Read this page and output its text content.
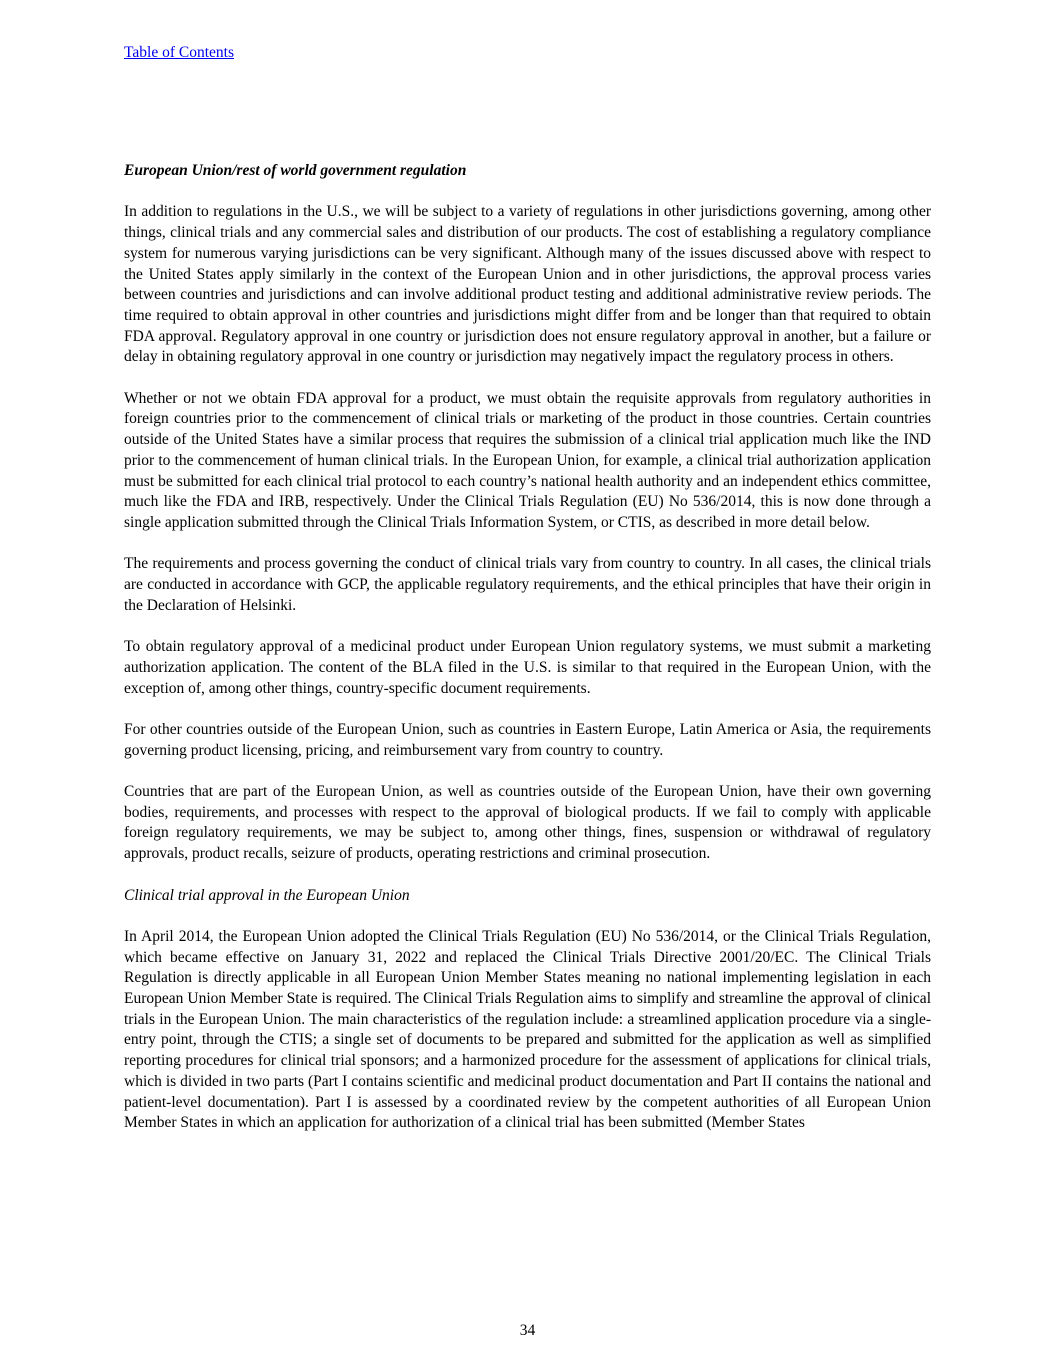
Table of Contents

European Union/rest of world government regulation

In addition to regulations in the U.S., we will be subject to a variety of regulations in other jurisdictions governing, among other things, clinical trials and any commercial sales and distribution of our products. The cost of establishing a regulatory compliance system for numerous varying jurisdictions can be very significant. Although many of the issues discussed above with respect to the United States apply similarly in the context of the European Union and in other jurisdictions, the approval process varies between countries and jurisdictions and can involve additional product testing and additional administrative review periods. The time required to obtain approval in other countries and jurisdictions might differ from and be longer than that required to obtain FDA approval. Regulatory approval in one country or jurisdiction does not ensure regulatory approval in another, but a failure or delay in obtaining regulatory approval in one country or jurisdiction may negatively impact the regulatory process in others.

Whether or not we obtain FDA approval for a product, we must obtain the requisite approvals from regulatory authorities in foreign countries prior to the commencement of clinical trials or marketing of the product in those countries. Certain countries outside of the United States have a similar process that requires the submission of a clinical trial application much like the IND prior to the commencement of human clinical trials. In the European Union, for example, a clinical trial authorization application must be submitted for each clinical trial protocol to each country’s national health authority and an independent ethics committee, much like the FDA and IRB, respectively. Under the Clinical Trials Regulation (EU) No 536/2014, this is now done through a single application submitted through the Clinical Trials Information System, or CTIS, as described in more detail below.

The requirements and process governing the conduct of clinical trials vary from country to country. In all cases, the clinical trials are conducted in accordance with GCP, the applicable regulatory requirements, and the ethical principles that have their origin in the Declaration of Helsinki.

To obtain regulatory approval of a medicinal product under European Union regulatory systems, we must submit a marketing authorization application. The content of the BLA filed in the U.S. is similar to that required in the European Union, with the exception of, among other things, country-specific document requirements.

For other countries outside of the European Union, such as countries in Eastern Europe, Latin America or Asia, the requirements governing product licensing, pricing, and reimbursement vary from country to country.

Countries that are part of the European Union, as well as countries outside of the European Union, have their own governing bodies, requirements, and processes with respect to the approval of biological products. If we fail to comply with applicable foreign regulatory requirements, we may be subject to, among other things, fines, suspension or withdrawal of regulatory approvals, product recalls, seizure of products, operating restrictions and criminal prosecution.

Clinical trial approval in the European Union

In April 2014, the European Union adopted the Clinical Trials Regulation (EU) No 536/2014, or the Clinical Trials Regulation, which became effective on January 31, 2022 and replaced the Clinical Trials Directive 2001/20/EC. The Clinical Trials Regulation is directly applicable in all European Union Member States meaning no national implementing legislation in each European Union Member State is required. The Clinical Trials Regulation aims to simplify and streamline the approval of clinical trials in the European Union. The main characteristics of the regulation include: a streamlined application procedure via a single-entry point, through the CTIS; a single set of documents to be prepared and submitted for the application as well as simplified reporting procedures for clinical trial sponsors; and a harmonized procedure for the assessment of applications for clinical trials, which is divided in two parts (Part I contains scientific and medicinal product documentation and Part II contains the national and patient-level documentation). Part I is assessed by a coordinated review by the competent authorities of all European Union Member States in which an application for authorization of a clinical trial has been submitted (Member States

34
